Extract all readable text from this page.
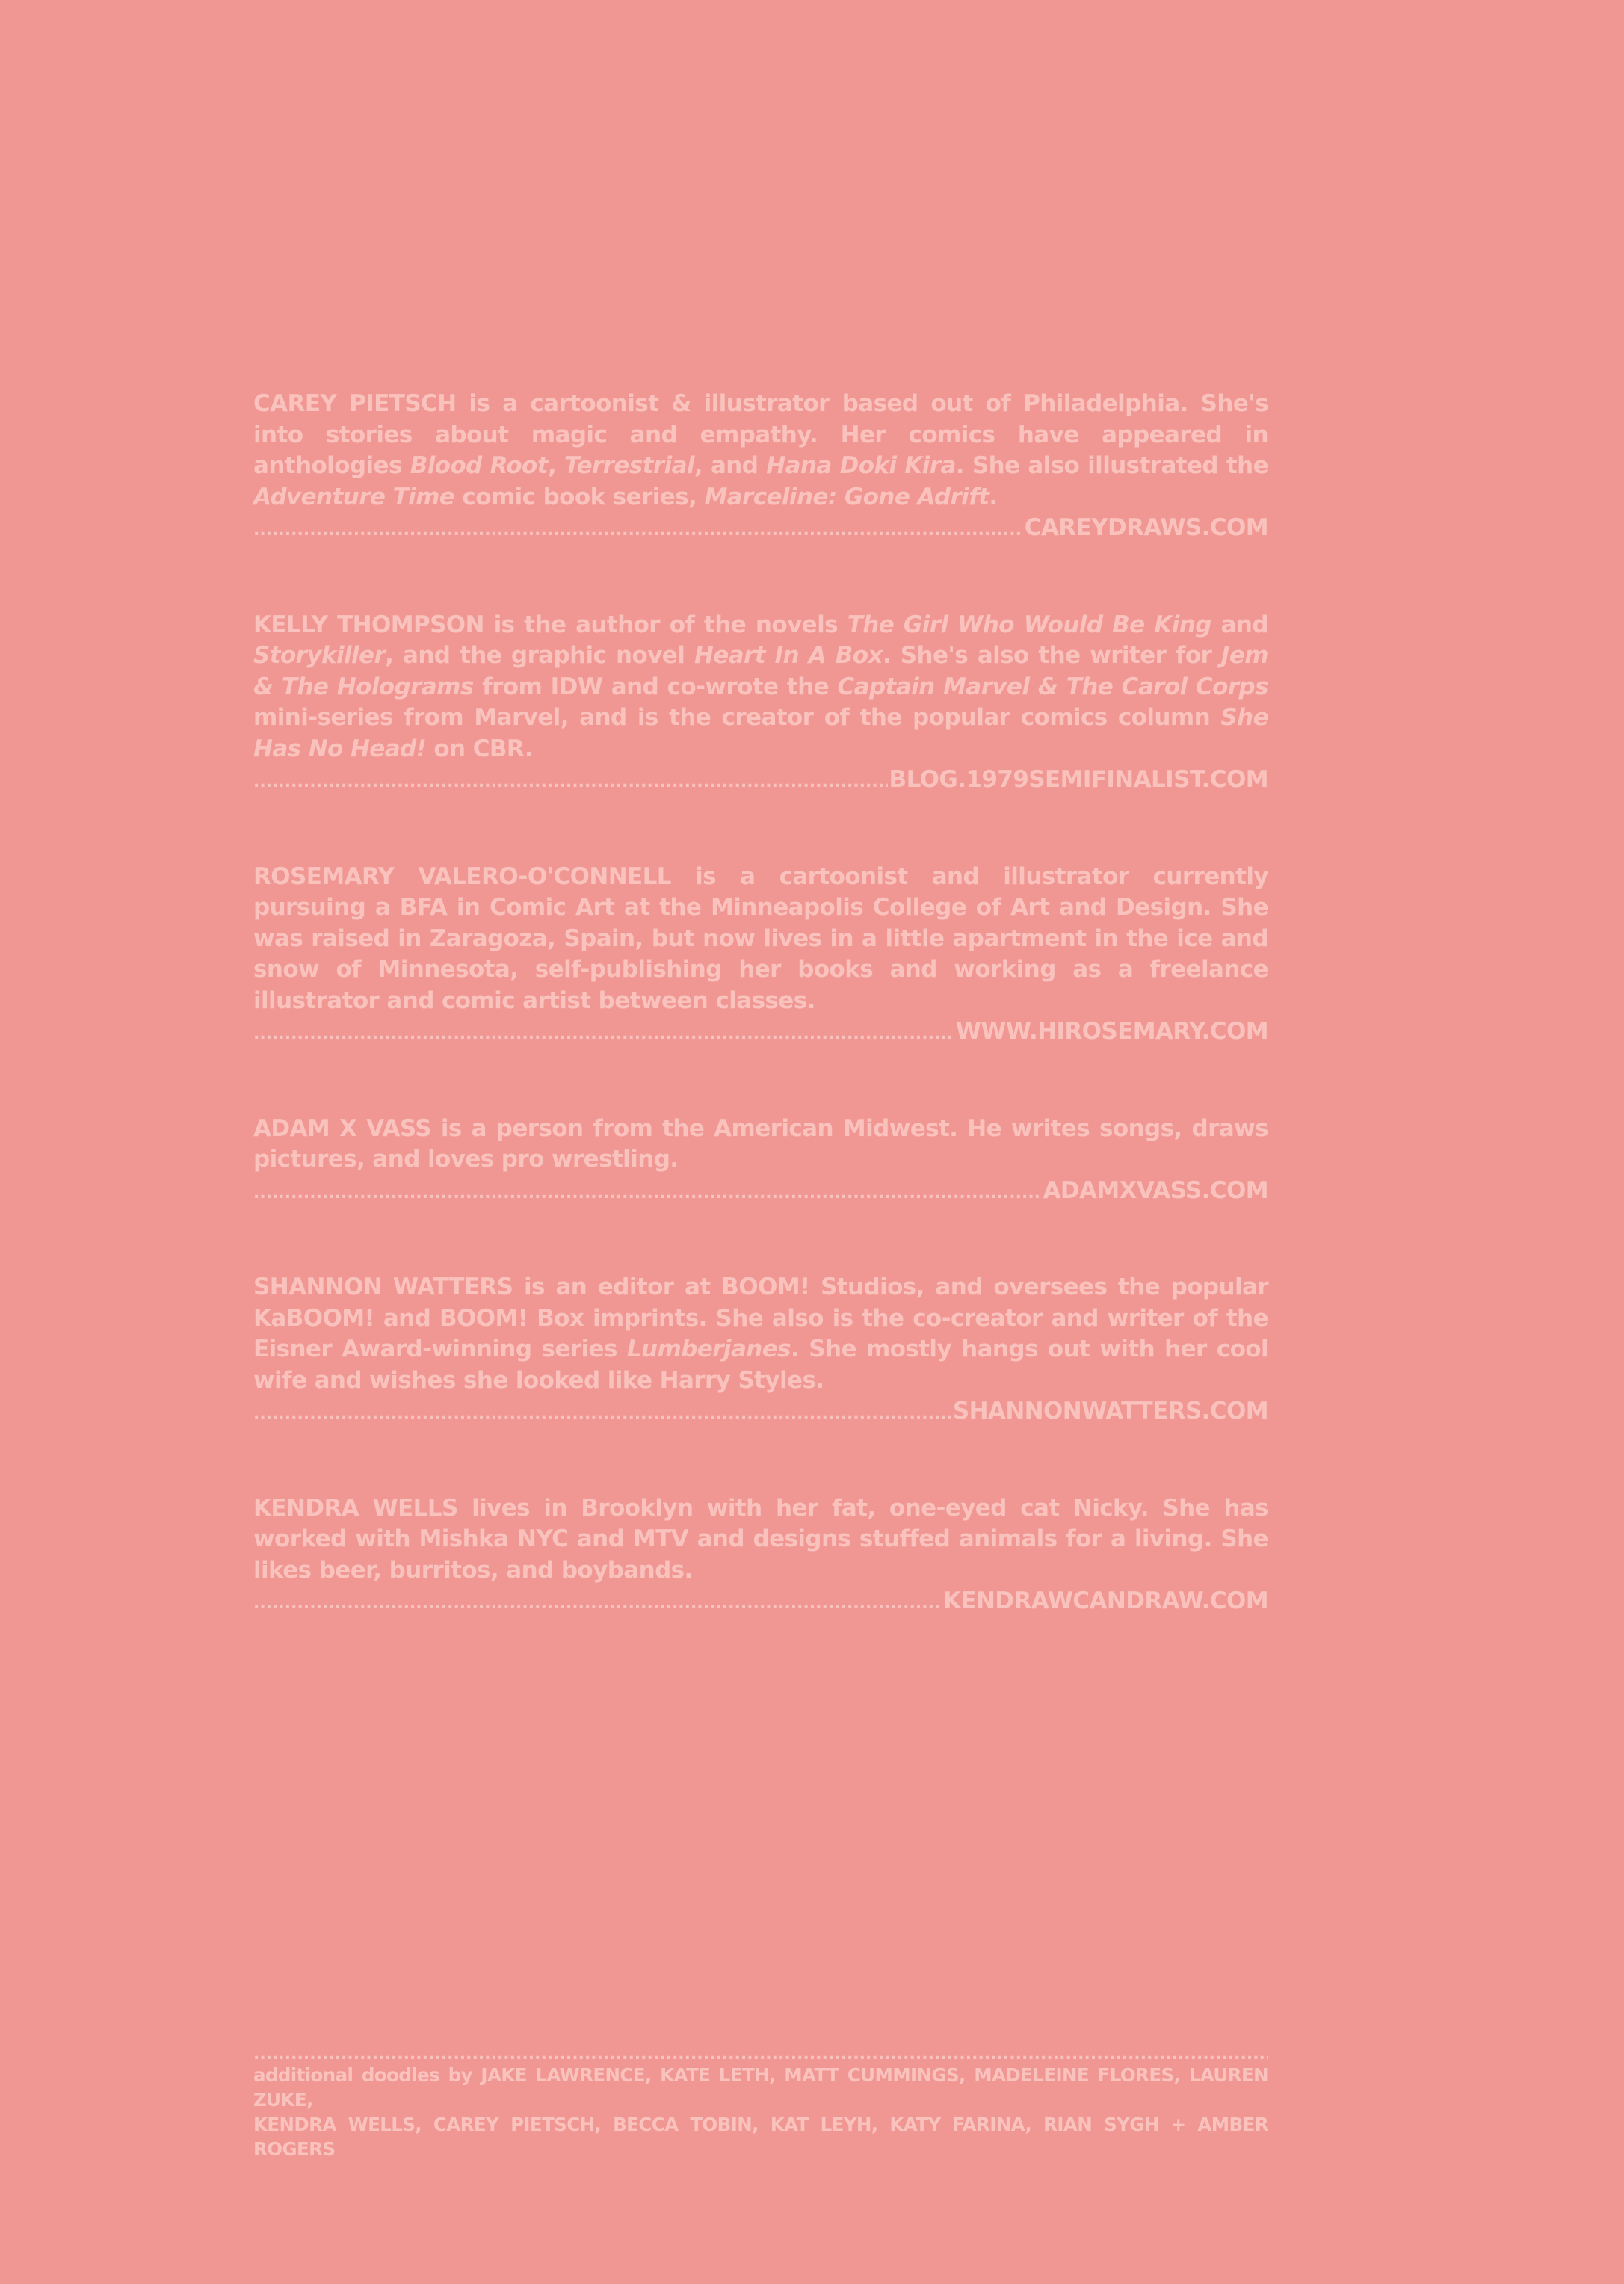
CAREY PIETSCH is a cartoonist & illustrator based out of Philadelphia. She's into stories about magic and empathy. Her comics have appeared in anthologies Blood Root, Terrestrial, and Hana Doki Kira. She also illustrated the Adventure Time comic book series, Marceline: Gone Adrift.

.....
CAREYDRAWS.COM

KELLY THOMPSON is the author of the novels The Girl Who Would Be King and Storykiller, and the graphic novel Heart In A Box. She's also the writer for Jem & The Holograms from IDW and co-wrote the Captain Marvel & The Carol Corps mini-series from Marvel, and is the creator of the popular comics column She Has No Head! on CBR.

.....
BLOG.1979SEMIFINALIST.COM

ROSEMARY VALERO-O'CONNELL is a cartoonist and illustrator currently pursuing a BFA in Comic Art at the Minneapolis College of Art and Design. She was raised in Zaragoza, Spain, but now lives in a little apartment in the ice and snow of Minnesota, self-publishing her books and working as a freelance illustrator and comic artist between classes.

.....
WWW.HIROSEMARY.COM

ADAM X VASS is a person from the American Midwest. He writes songs, draws pictures, and loves pro wrestling.

.....
ADAMXVASS.COM

SHANNON WATTERS is an editor at BOOM! Studios, and oversees the popular KaBOOM! and BOOM! Box imprints. She also is the co-creator and writer of the Eisner Award-winning series Lumberjanes. She mostly hangs out with her cool wife and wishes she looked like Harry Styles.

.....
SHANNONWATTERS.COM

KENDRA WELLS lives in Brooklyn with her fat, one-eyed cat Nicky. She has worked with Mishka NYC and MTV and designs stuffed animals for a living. She likes beer, burritos, and boybands.

.....
KENDRAWCANDRAW.COM
.....

additional doodles by JAKE LAWRENCE, KATE LETH, MATT CUMMINGS, MADELEINE FLORES, LAUREN ZUKE,
KENDRA WELLS, CAREY PIETSCH, BECCA TOBIN, KAT LEYH, KATY FARINA, RIAN SYGH + AMBER ROGERS
